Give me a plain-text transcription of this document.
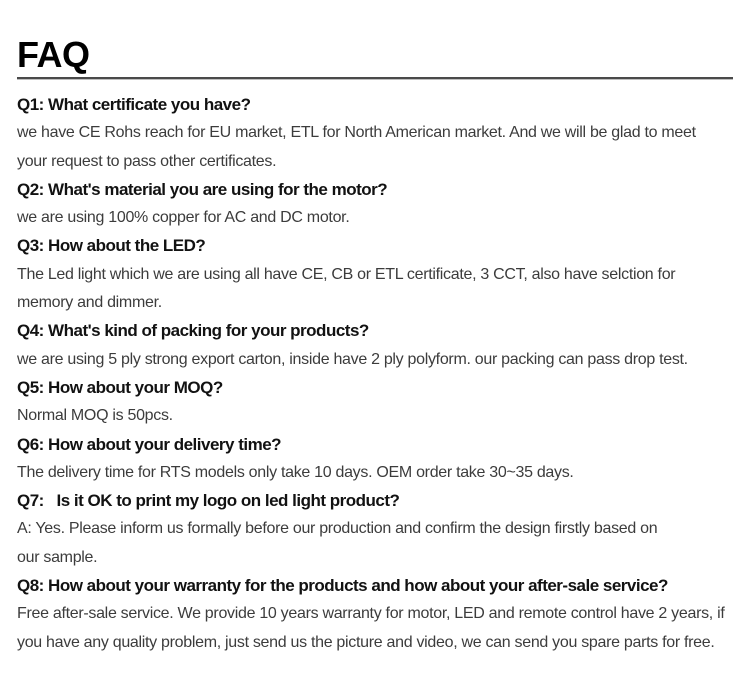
FAQ
Q1: What certificate you have?
we have CE Rohs reach for EU market, ETL for North American market. And we will be glad to meet
your request to pass other certificates.
Q2: What's material you are using for the motor?
we are using 100% copper for AC and DC motor.
Q3: How about the LED?
The Led light which we are using all have CE, CB or ETL certificate, 3 CCT, also have selction for
memory and dimmer.
Q4: What's kind of packing for your products?
we are using 5 ply strong export carton, inside have 2 ply polyform. our packing can pass drop test.
Q5: How about your MOQ?
Normal MOQ is 50pcs.
Q6: How about your delivery time?
The delivery time for RTS models only take 10 days. OEM order take 30~35 days.
Q7:   Is it OK to print my logo on led light product?
A: Yes. Please inform us formally before our production and confirm the design firstly based on
our sample.
Q8: How about your warranty for the products and how about your after-sale service?
Free after-sale service. We provide 10 years warranty for motor, LED and remote control have 2 years, if
you have any quality problem, just send us the picture and video, we can send you spare parts for free.
